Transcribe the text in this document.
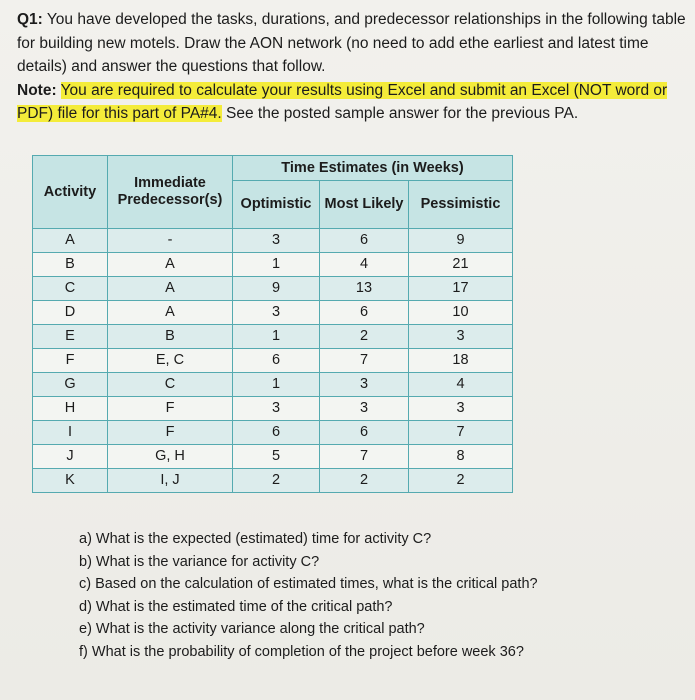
Q1: You have developed the tasks, durations, and predecessor relationships in the following table for building new motels. Draw the AON network (no need to add ethe earliest and latest time details) and answer the questions that follow.

Note: You are required to calculate your results using Excel and submit an Excel (NOT word or PDF) file for this part of PA#4. See the posted sample answer for the previous PA.

Activity	Immediate Predecessor(s)	Time Estimates (in Weeks)		
		Optimistic	Most Likely	Pessimistic
A	-	3	6	9
B	A	1	4	21
C	A	9	13	17
D	A	3	6	10
E	B	1	2	3
F	E, C	6	7	18
G	C	1	3	4
H	F	3	3	3
I	F	6	6	7
J	G, H	5	7	8
K	I, J	2	2	2
a) What is the expected (estimated) time for activity C?
b) What is the variance for activity C?
c) Based on the calculation of estimated times, what is the critical path?
d) What is the estimated time of the critical path?
e) What is the activity variance along the critical path?
f) What is the probability of completion of the project before week 36?
